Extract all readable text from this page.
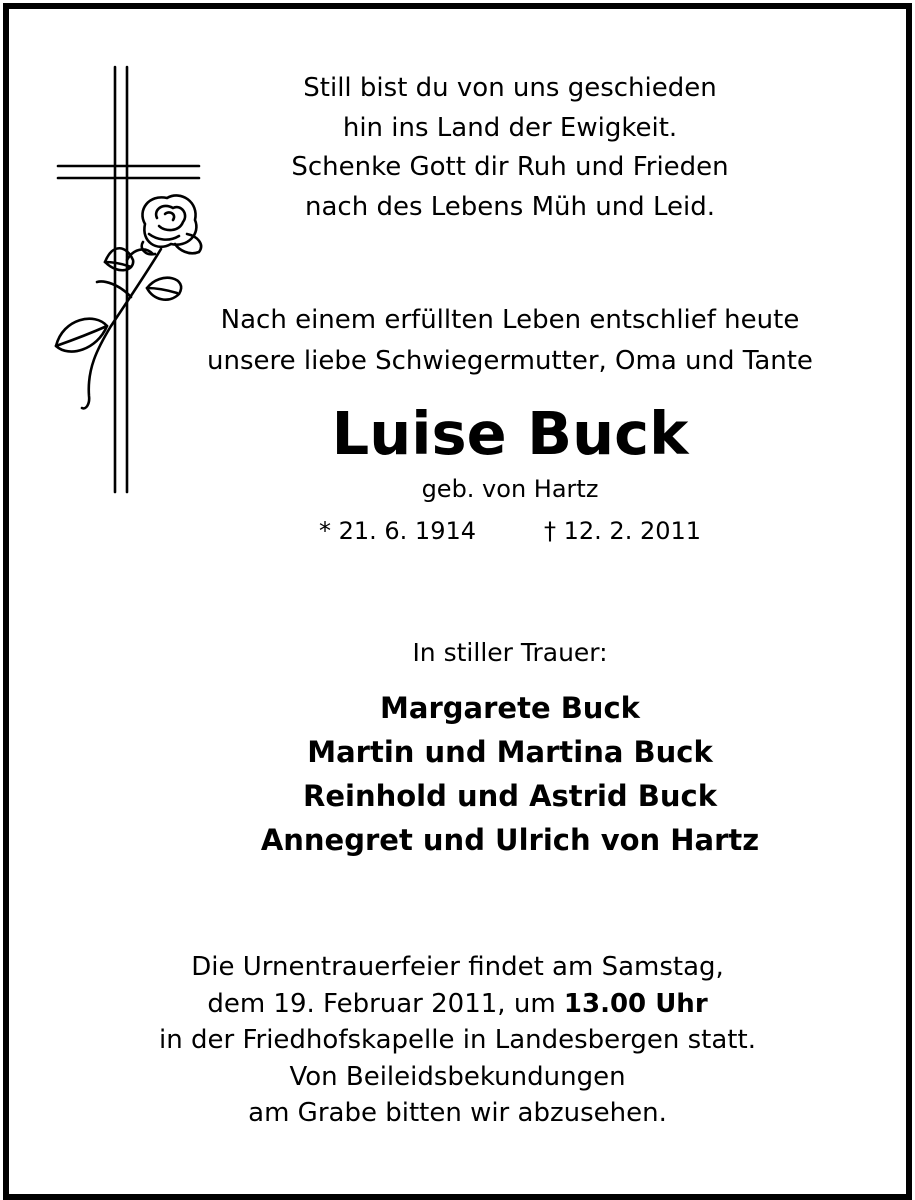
Still bist du von uns geschieden
hin ins Land der Ewigkeit.
Schenke Gott dir Ruh und Frieden
nach des Lebens Müh und Leid.
Nach einem erfüllten Leben entschlief heute
unsere liebe Schwiegermutter, Oma und Tante
Luise Buck
geb. von Hartz
* 21. 6. 1914	† 12. 2. 2011
In stiller Trauer:
Margarete Buck
Martin und Martina Buck
Reinhold und Astrid Buck
Annegret und Ulrich von Hartz
Die Urnentrauerfeier findet am Samstag,
dem 19. Februar 2011, um 13.00 Uhr
in der Friedhofskapelle in Landesbergen statt.
Von Beileidsbekundungen
am Grabe bitten wir abzusehen.
